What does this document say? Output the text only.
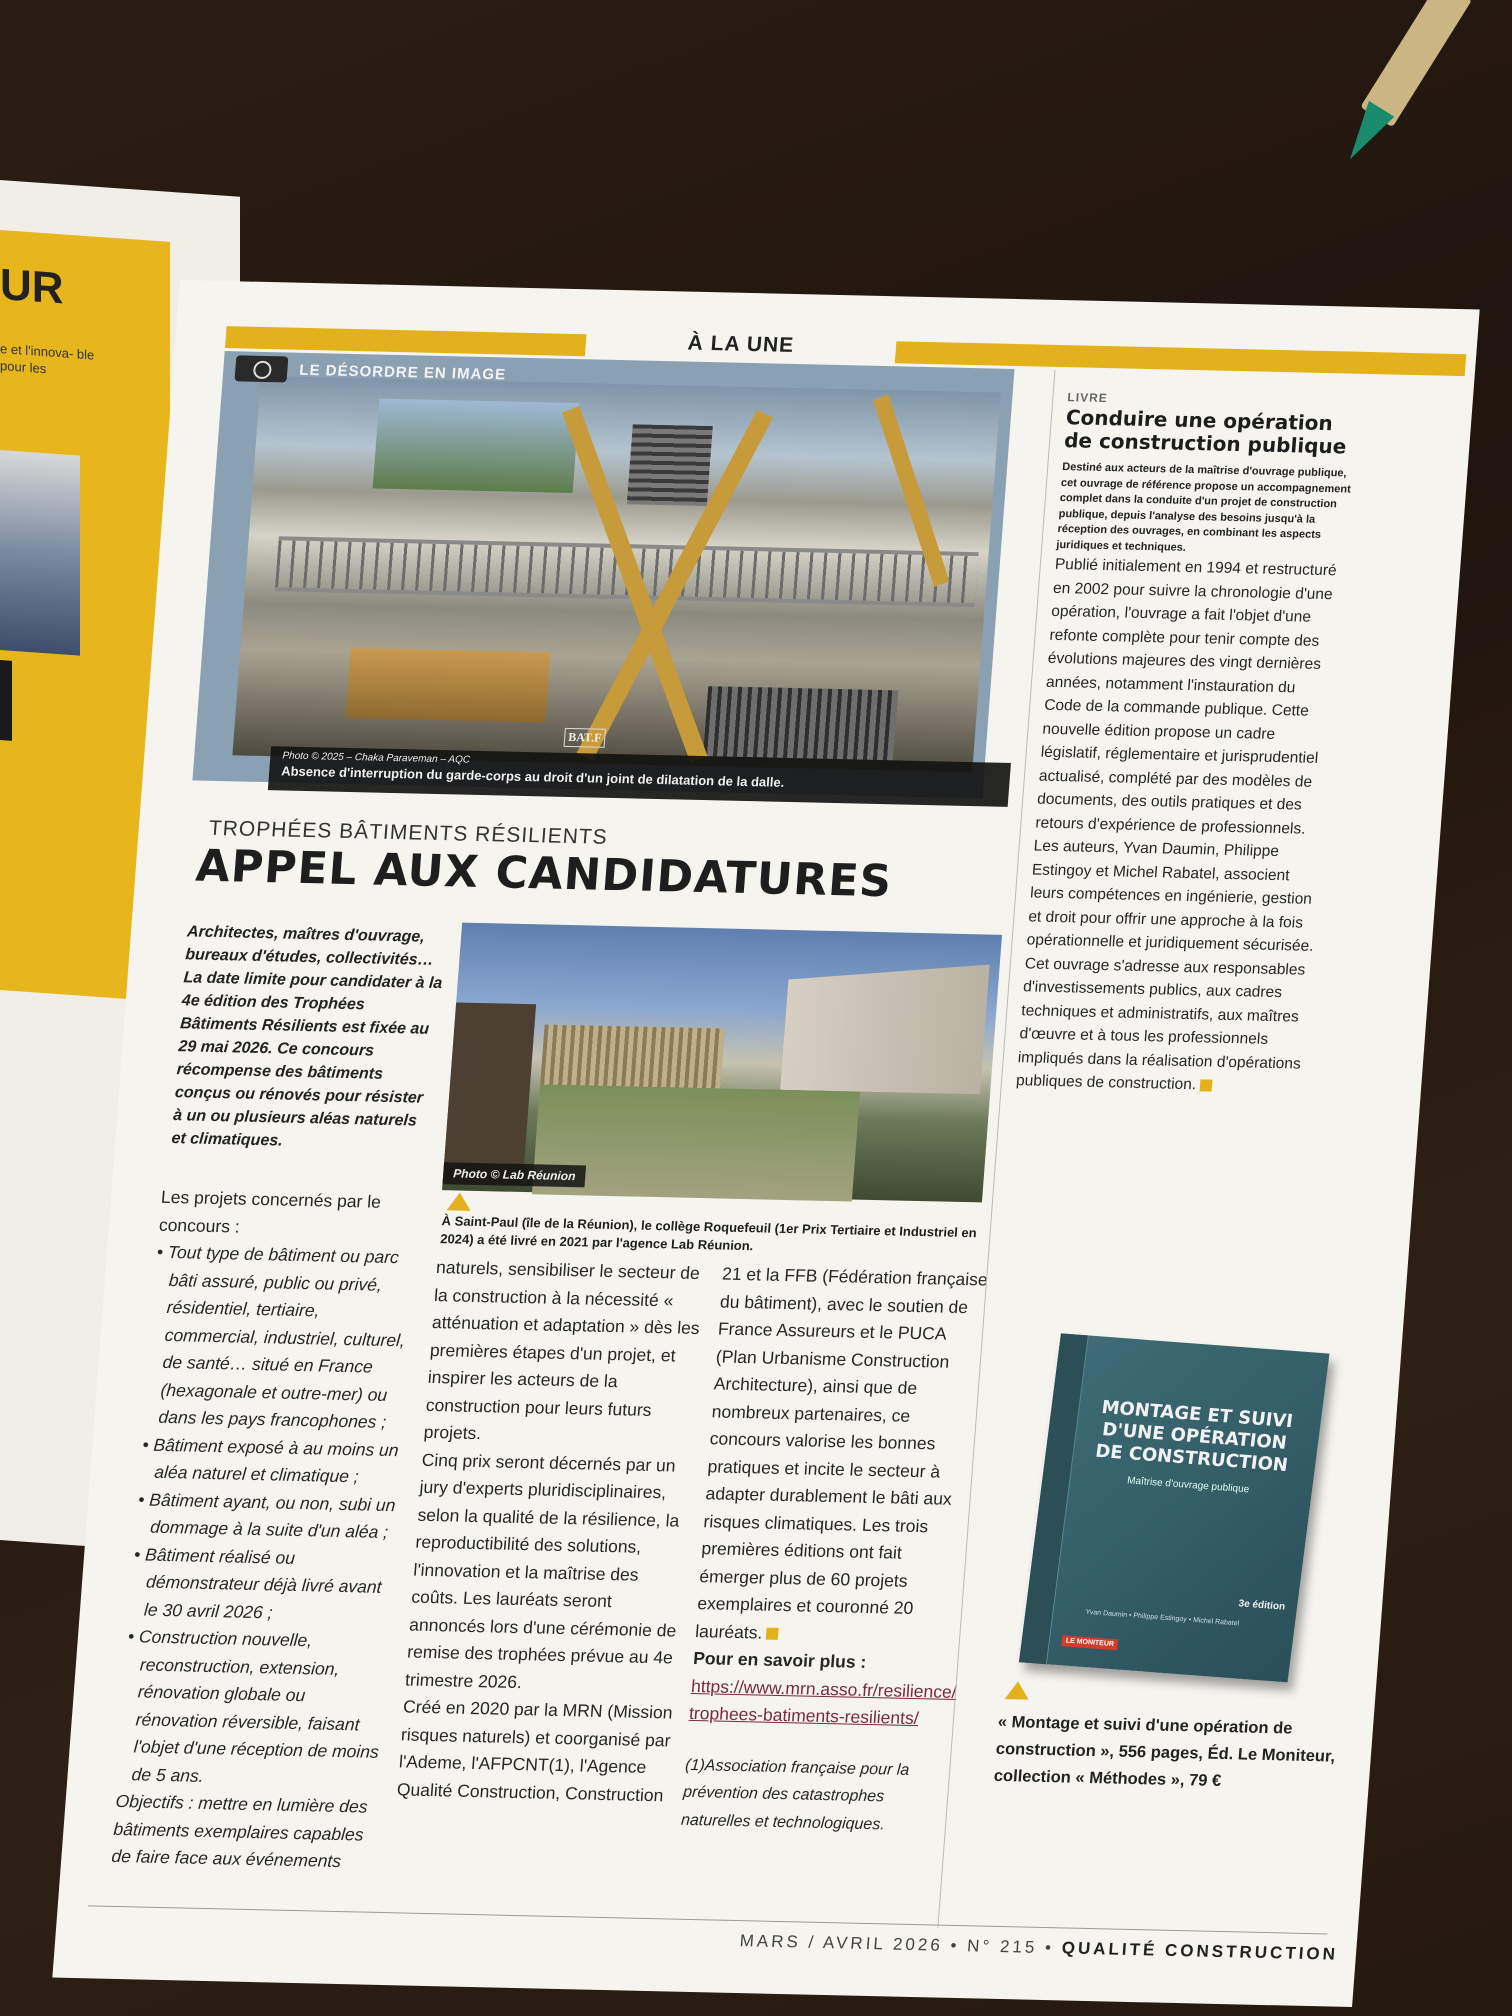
UR
e et l'innova- ble pour les
À LA UNE
BAT.F
Photo © 2025 – Chaka Paraveman – AQC
Absence d'interruption du garde-corps au droit d'un joint de dilatation de la dalle.
LE DÉSORDRE EN IMAGE
TROPHÉES BÂTIMENTS RÉSILIENTS
APPEL AUX CANDIDATURES
Architectes, maîtres d'ouvrage, bureaux d'études, collectivités… La date limite pour candidater à la 4e édition des Trophées Bâtiments Résilients est fixée au 29 mai 2026. Ce concours récompense des bâtiments conçus ou rénovés pour résister à un ou plusieurs aléas naturels et climatiques.
Photo © Lab Réunion
À Saint-Paul (île de la Réunion), le collège Roquefeuil (1er Prix Tertiaire et Industriel en 2024) a été livré en 2021 par l'agence Lab Réunion.

Les projets concernés par le concours :

• Tout type de bâtiment ou parc bâti assuré, public ou privé, résidentiel, tertiaire, commercial, industriel, culturel, de santé… situé en France (hexagonale et outre-mer) ou dans les pays francophones ;

• Bâtiment exposé à au moins un aléa naturel et climatique ;

• Bâtiment ayant, ou non, subi un dommage à la suite d'un aléa ;

• Bâtiment réalisé ou démonstrateur déjà livré avant le 30 avril 2026 ;

• Construction nouvelle, reconstruction, extension, rénovation globale ou rénovation réversible, faisant l'objet d'une réception de moins de 5 ans.

Objectifs : mettre en lumière des bâtiments exemplaires capables de faire face aux événements

naturels, sensibiliser le secteur de la construction à la nécessité « atténuation et adaptation » dès les premières étapes d'un projet, et inspirer les acteurs de la construction pour leurs futurs projets.

Cinq prix seront décernés par un jury d'experts pluridisciplinaires, selon la qualité de la résilience, la reproductibilité des solutions, l'innovation et la maîtrise des coûts. Les lauréats seront annoncés lors d'une cérémonie de remise des trophées prévue au 4e trimestre 2026.

Créé en 2020 par la MRN (Mission risques naturels) et coorganisé par l'Ademe, l'AFPCNT(1), l'Agence Qualité Construction, Construction

21 et la FFB (Fédération française du bâtiment), avec le soutien de France Assureurs et le PUCA (Plan Urbanisme Construction Architecture), ainsi que de nombreux partenaires, ce concours valorise les bonnes pratiques et incite le secteur à adapter durablement le bâti aux risques climatiques. Les trois premières éditions ont fait émerger plus de 60 projets exemplaires et couronné 20 lauréats.

Pour en savoir plus :

https://www.mrn.asso.fr/resilience/trophees-batiments-resilients/

(1)Association française pour la prévention des catastrophes naturelles et technologiques.

LIVRE
Conduire une opération de construction publique
Destiné aux acteurs de la maîtrise d'ouvrage publique, cet ouvrage de référence propose un accompagnement complet dans la conduite d'un projet de construction publique, depuis l'analyse des besoins jusqu'à la réception des ouvrages, en combinant les aspects juridiques et techniques.
Publié initialement en 1994 et restructuré en 2002 pour suivre la chronologie d'une opération, l'ouvrage a fait l'objet d'une refonte complète pour tenir compte des évolutions majeures des vingt dernières années, notamment l'instauration du Code de la commande publique. Cette nouvelle édition propose un cadre législatif, réglementaire et jurisprudentiel actualisé, complété par des modèles de documents, des outils pratiques et des retours d'expérience de professionnels. Les auteurs, Yvan Daumin, Philippe Estingoy et Michel Rabatel, associent leurs compétences en ingénierie, gestion et droit pour offrir une approche à la fois opérationnelle et juridiquement sécurisée. Cet ouvrage s'adresse aux responsables d'investissements publics, aux cadres techniques et administratifs, aux maîtres d'œuvre et à tous les professionnels impliqués dans la réalisation d'opérations publiques de construction.
MONTAGE ET SUIVI D'UNE OPÉRATION DE CONSTRUCTION
Maîtrise d'ouvrage publique
3e édition
Yvan Daumin • Philippe Estingoy • Michel Rabatel
LE MONITEUR
« Montage et suivi d'une opération de construction », 556 pages, Éd. Le Moniteur, collection « Méthodes », 79 €
MARS / AVRIL 2026 • N° 215 • QUALITÉ CONSTRUCTION
